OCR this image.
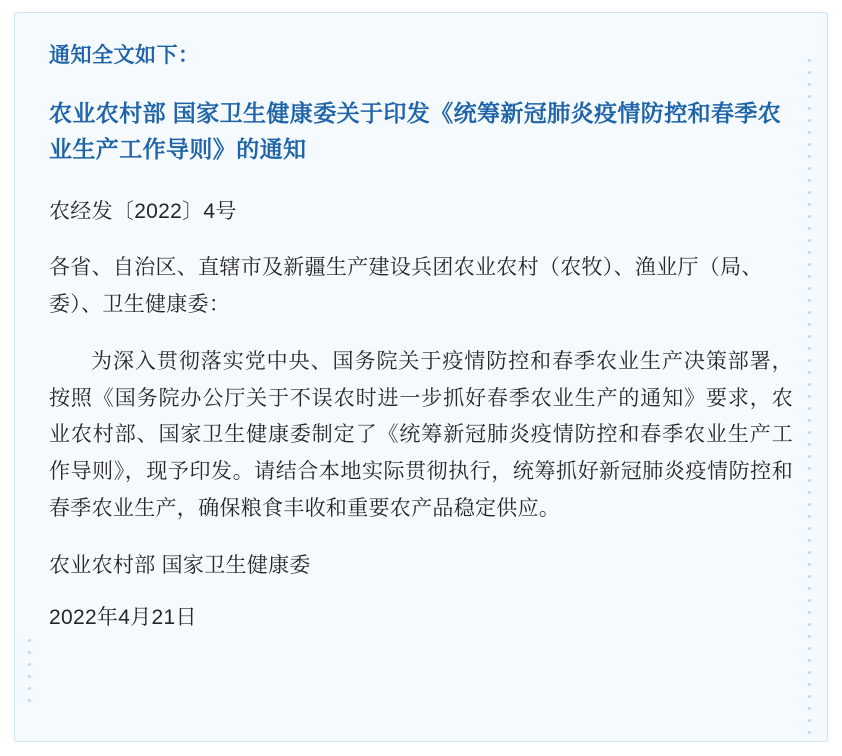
通知全文如下：

农业农村部 国家卫生健康委关于印发《统筹新冠肺炎疫情防控和春季农业生产工作导则》的通知

农经发〔2022〕4号

各省、自治区、直辖市及新疆生产建设兵团农业农村（农牧）、渔业厅（局、委）、卫生健康委：

为深入贯彻落实党中央、国务院关于疫情防控和春季农业生产决策部署，按照《国务院办公厅关于不误农时进一步抓好春季农业生产的通知》要求，农业农村部、国家卫生健康委制定了《统筹新冠肺炎疫情防控和春季农业生产工作导则》，现予印发。请结合本地实际贯彻执行，统筹抓好新冠肺炎疫情防控和春季农业生产，确保粮食丰收和重要农产品稳定供应。

农业农村部 国家卫生健康委

2022年4月21日
